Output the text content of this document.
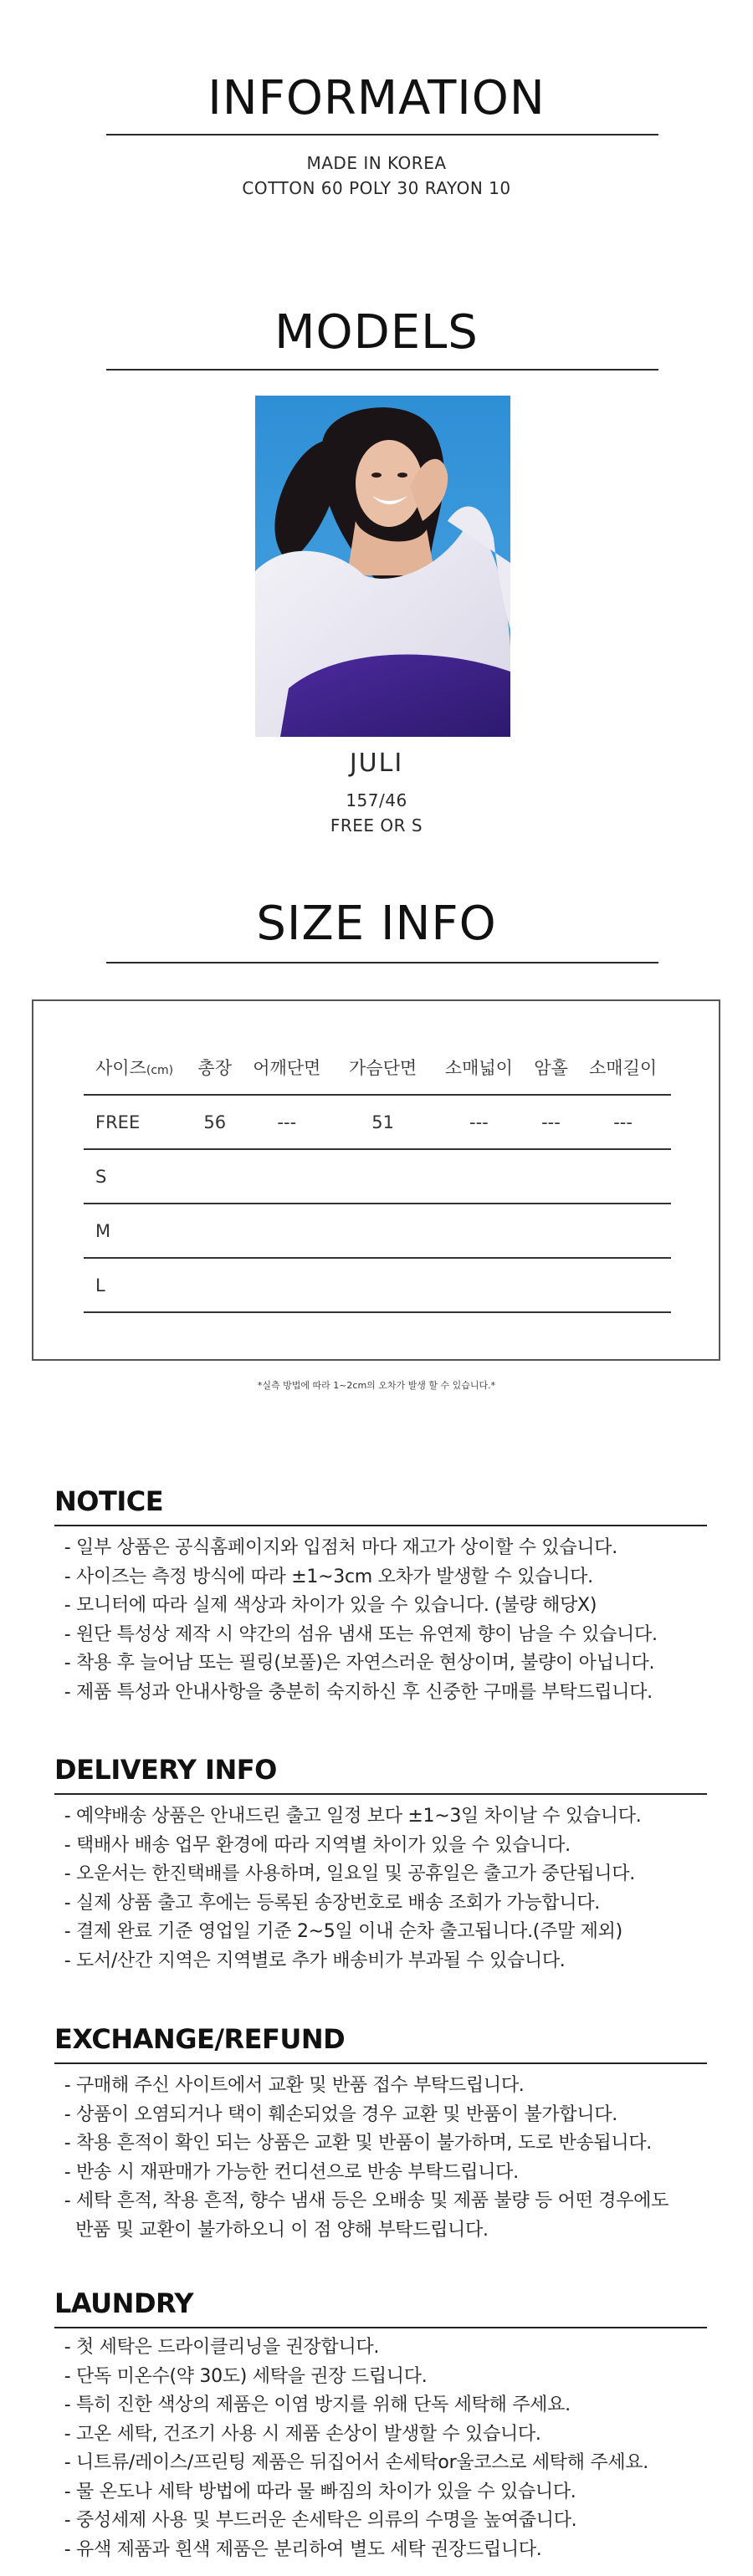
INFORMATION
MADE IN KOREA
COTTON 60 POLY 30 RAYON 10
MODELS
JULI
157/46
FREE OR S
SIZE INFO
사이즈(cm)	총장	어깨단면	가슴단면	소매넓이	암홀	소매길이
FREE	56	---	51	---	---	---
S						
M						
L						
*실측 방법에 따라 1~2cm의 오차가 발생 할 수 있습니다.*
NOTICE
- 일부 상품은 공식홈페이지와 입점처 마다 재고가 상이할 수 있습니다.
- 사이즈는 측정 방식에 따라 ±1~3cm 오차가 발생할 수 있습니다.
- 모니터에 따라 실제 색상과 차이가 있을 수 있습니다. (불량 해당X)
- 원단 특성상 제작 시 약간의 섬유 냄새 또는 유연제 향이 남을 수 있습니다.
- 착용 후 늘어남 또는 필링(보풀)은 자연스러운 현상이며, 불량이 아닙니다.
- 제품 특성과 안내사항을 충분히 숙지하신 후 신중한 구매를 부탁드립니다.
DELIVERY INFO
- 예약배송 상품은 안내드린 출고 일정 보다 ±1~3일 차이날 수 있습니다.
- 택배사 배송 업무 환경에 따라 지역별 차이가 있을 수 있습니다.
- 오운서는 한진택배를 사용하며, 일요일 및 공휴일은 출고가 중단됩니다.
- 실제 상품 출고 후에는 등록된 송장번호로 배송 조회가 가능합니다.
- 결제 완료 기준 영업일 기준 2~5일 이내 순차 출고됩니다.(주말 제외)
- 도서/산간 지역은 지역별로 추가 배송비가 부과될 수 있습니다.
EXCHANGE/REFUND
- 구매해 주신 사이트에서 교환 및 반품 접수 부탁드립니다.
- 상품이 오염되거나 택이 훼손되었을 경우 교환 및 반품이 불가합니다.
- 착용 흔적이 확인 되는 상품은 교환 및 반품이 불가하며, 도로 반송됩니다.
- 반송 시 재판매가 가능한 컨디션으로 반송 부탁드립니다.
- 세탁 흔적, 착용 흔적, 향수 냄새 등은 오배송 및 제품 불량 등 어떤 경우에도
반품 및 교환이 불가하오니 이 점 양해 부탁드립니다.
LAUNDRY
- 첫 세탁은 드라이클리닝을 권장합니다.
- 단독 미온수(약 30도) 세탁을 권장 드립니다.
- 특히 진한 색상의 제품은 이염 방지를 위해 단독 세탁해 주세요.
- 고온 세탁, 건조기 사용 시 제품 손상이 발생할 수 있습니다.
- 니트류/레이스/프린팅 제품은 뒤집어서 손세탁or울코스로 세탁해 주세요.
- 물 온도나 세탁 방법에 따라 물 빠짐의 차이가 있을 수 있습니다.
- 중성세제 사용 및 부드러운 손세탁은 의류의 수명을 높여줍니다.
- 유색 제품과 흰색 제품은 분리하여 별도 세탁 권장드립니다.
